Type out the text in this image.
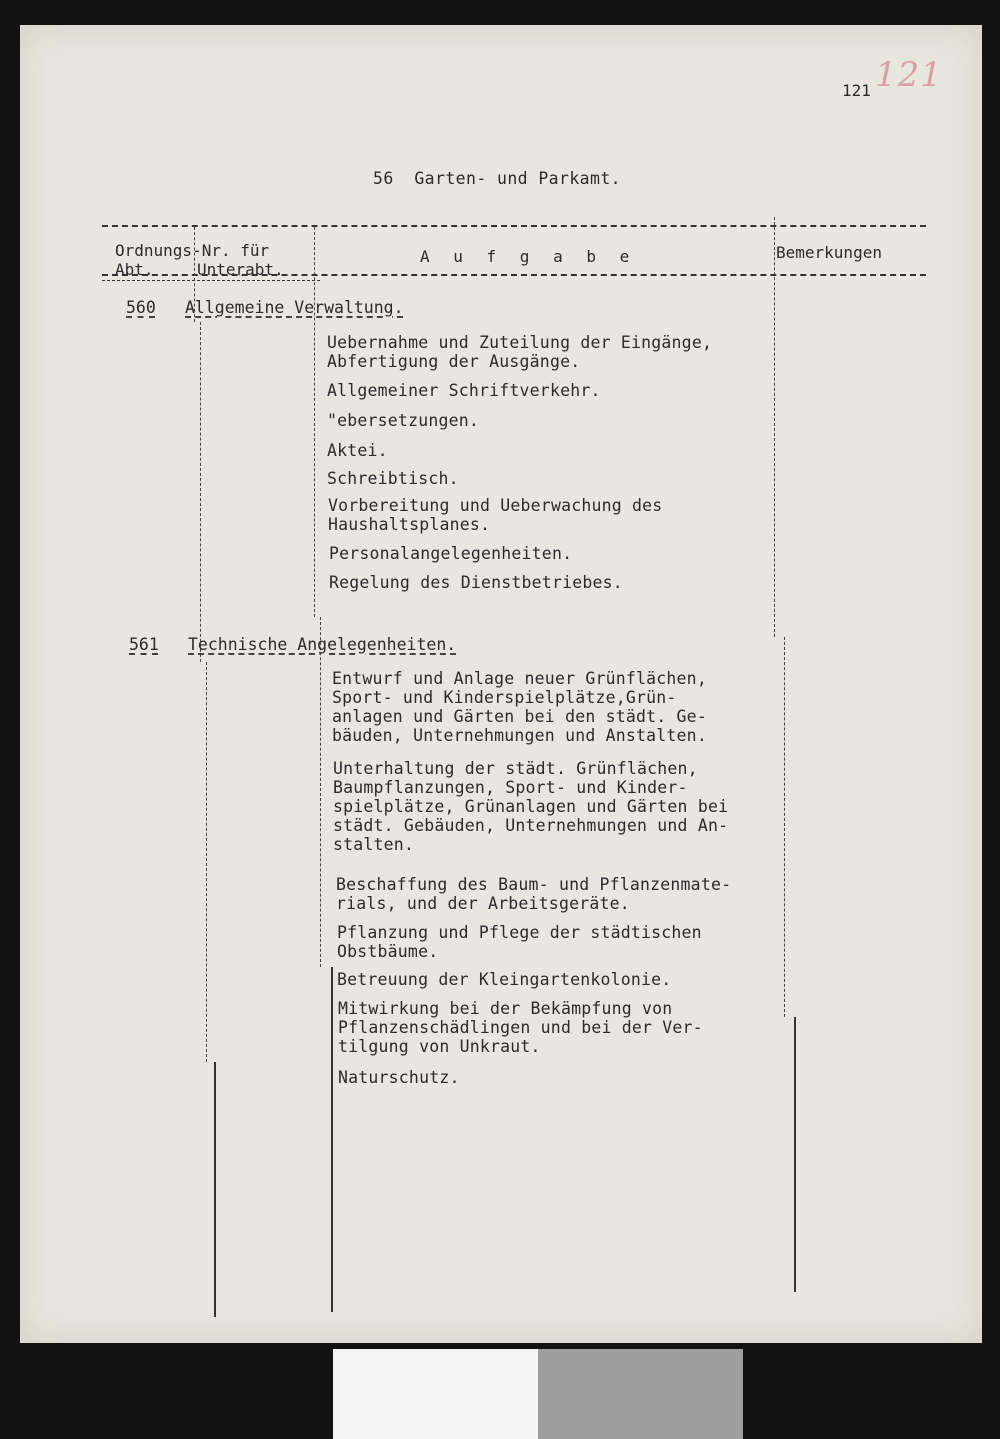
121
121
56  Garten- und Parkamt.
Ordnungs-Nr. für
Abt.	Unterabt.
A u f g a b e	Bemerkungen
560 Allgemeine Verwaltung.
Uebernahme und Zuteilung der Eingänge,
Abfertigung der Ausgänge.
Allgemeiner Schriftverkehr.
"ebersetzungen.
Aktei.
Schreibtisch.
Vorbereitung und Ueberwachung des
Haushaltsplanes.
Personalangelegenheiten.
Regelung des Dienstbetriebes.
561 Technische Angelegenheiten.
Entwurf und Anlage neuer Grünflächen,
Sport- und Kinderspielplätze,Grün-
anlagen und Gärten bei den städt. Ge-
bäuden, Unternehmungen und Anstalten.
Unterhaltung der städt. Grünflächen,
Baumpflanzungen, Sport- und Kinder-
spielplätze, Grünanlagen und Gärten bei
städt. Gebäuden, Unternehmungen und An-
stalten.
Beschaffung des Baum- und Pflanzenmate-
rials, und der Arbeitsgeräte.
Pflanzung und Pflege der städtischen
Obstbäume.
Betreuung der Kleingartenkolonie.
Mitwirkung bei der Bekämpfung von
Pflanzenschädlingen und bei der Ver-
tilgung von Unkraut.
Naturschutz.
